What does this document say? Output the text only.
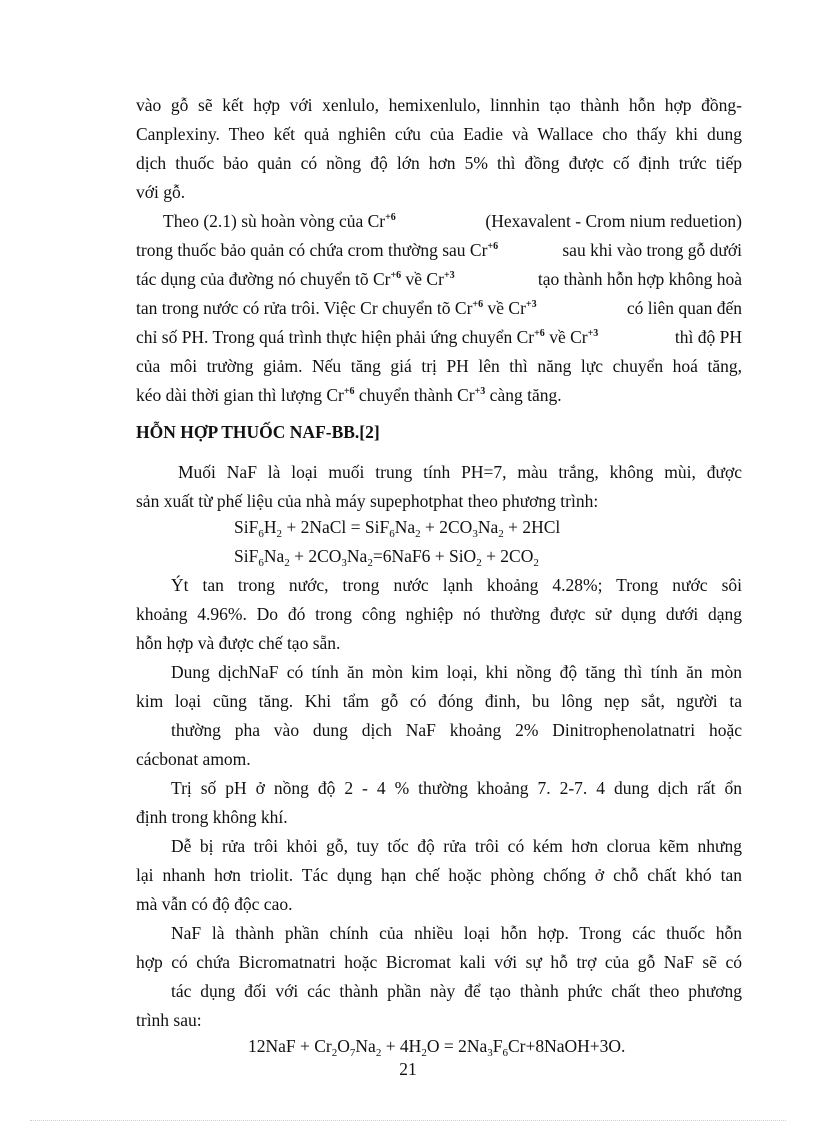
vào gỗ sẽ kết hợp với xenlulo, hemixenlulo, linnhin tạo thành hỗn hợp đồng-
Canplexiny. Theo kết quả nghiên cứu của Eadie và Wallace cho thấy khi dung
dịch thuốc bảo quản có nồng độ lớn hơn 5% thì đồng được cố định trức tiếp
với gỗ.
Theo (2.1) sù hoàn vòng của $Cr^{+6}$	(Hexavalent - Crom nium reduetion)
trong thuốc bảo quản có chứa crom thường sau $Cr^{+6}$	sau khi vào trong gỗ dưới
tác dụng của đường nó chuyển tõ $Cr^{+6}$ về $Cr^{+3}$	tạo thành hỗn hợp không hoà
tan trong nước có rửa trôi. Việc Cr chuyển tõ $Cr^{+6}$ về $Cr^{+3}$	có liên quan đến
chỉ số PH. Trong quá trình thực hiện phải ứng chuyển $Cr^{+6}$ về $Cr^{+3}$	thì độ PH
của môi trường giảm. Nếu tăng giá trị PH lên thì năng lực chuyển hoá tăng,
kéo dài thời gian thì lượng $Cr^{+6}$ chuyển thành $Cr^{+3}$ càng tăng.
HỖN HỢP THUỐC NAF-BB.[2]
Muối NaF là loại muối trung tính PH=7, màu trắng, không mùi, được
sản xuất từ phế liệu của nhà máy supephotphat theo phương trình:
$SiF_6H_2$ + 2NaCl = $SiF_6Na_2 + 2CO_3Na_2 + 2HCl$
$SiF_6Na_2 + 2CO_3Na_2=6NaF6 + SiO_2 + 2CO_2$
Ýt tan trong nước, trong nước lạnh khoảng 4.28%; Trong nước sôi
khoảng 4.96%. Do đó trong công nghiệp nó thường được sử dụng dưới dạng
hỗn hợp và được chế tạo sẵn.
Dung dịchNaF có tính ăn mòn kim loại, khi nồng độ tăng thì tính ăn mòn
kim loại cũng tăng. Khi tẩm gỗ có đóng đinh, bu lông nẹp sắt, người ta
thường pha vào dung dịch NaF khoảng 2% Dinitrophenolatnatri hoặc
cácbonat amom.
Trị số pH ở nồng độ 2 - 4 % thường khoảng 7. 2-7. 4 dung dịch rất ổn
định trong không khí.
Dễ bị rửa trôi khỏi gỗ, tuy tốc độ rửa trôi có kém hơn clorua kẽm nhưng
lại nhanh hơn triolit. Tác dụng hạn chế hoặc phòng chống ở chỗ chất khó tan
mà vẫn có độ độc cao.
NaF là thành phần chính của nhiều loại hỗn hợp. Trong các thuốc hỗn
hợp có chứa Bicromatnatri hoặc Bicromat kali với sự hỗ trợ của gỗ NaF sẽ có
tác dụng đối với các thành phần này để tạo thành phức chất theo phương
trình sau:
$12NaF + Cr_2O_7Na_2 + 4H_2O$ = $2Na_3F_6Cr+8NaOH+3O$.
21
